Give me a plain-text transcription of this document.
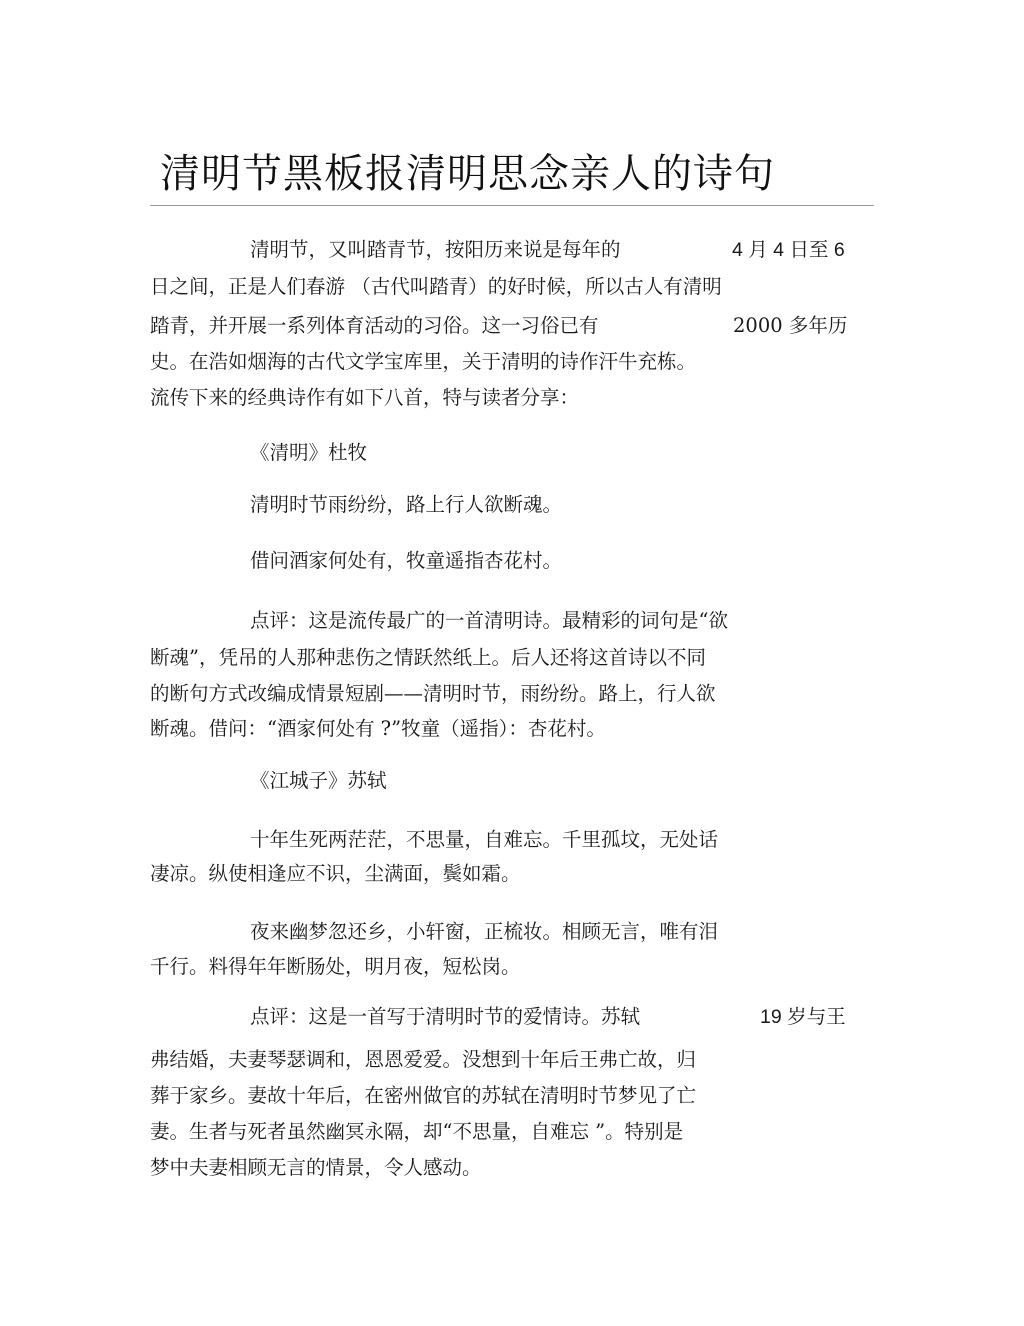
清明节黑板报清明思念亲人的诗句

清明节，又叫踏青节，按阳历来说是每年的	4 月 4 日至 6

日之间，正是人们春游 （古代叫踏青）的好时候，所以古人有清明

踏青，并开展一系列体育活动的习俗。这一习俗已有	2000 多年历

史。在浩如烟海的古代文学宝库里，关于清明的诗作汗牛充栋。

流传下来的经典诗作有如下八首，特与读者分享：

《清明》杜牧

清明时节雨纷纷，路上行人欲断魂。

借问酒家何处有，牧童遥指杏花村。

点评：这是流传最广的一首清明诗。最精彩的词句是“欲

断魂”，凭吊的人那种悲伤之情跃然纸上。后人还将这首诗以不同

的断句方式改编成情景短剧——清明时节，雨纷纷。路上，行人欲

断魂。借问：“酒家何处有 ?”牧童（遥指）：杏花村。

《江城子》苏轼

十年生死两茫茫，不思量，自难忘。千里孤坟，无处话

凄凉。纵使相逢应不识，尘满面，鬓如霜。

夜来幽梦忽还乡，小轩窗，正梳妆。相顾无言，唯有泪

千行。料得年年断肠处，明月夜，短松岗。

点评：这是一首写于清明时节的爱情诗。苏轼	19 岁与王

弗结婚，夫妻琴瑟调和，恩恩爱爱。没想到十年后王弗亡故，归

葬于家乡。妻故十年后，在密州做官的苏轼在清明时节梦见了亡

妻。生者与死者虽然幽冥永隔，却“不思量，自难忘 ”。特别是

梦中夫妻相顾无言的情景，令人感动。
